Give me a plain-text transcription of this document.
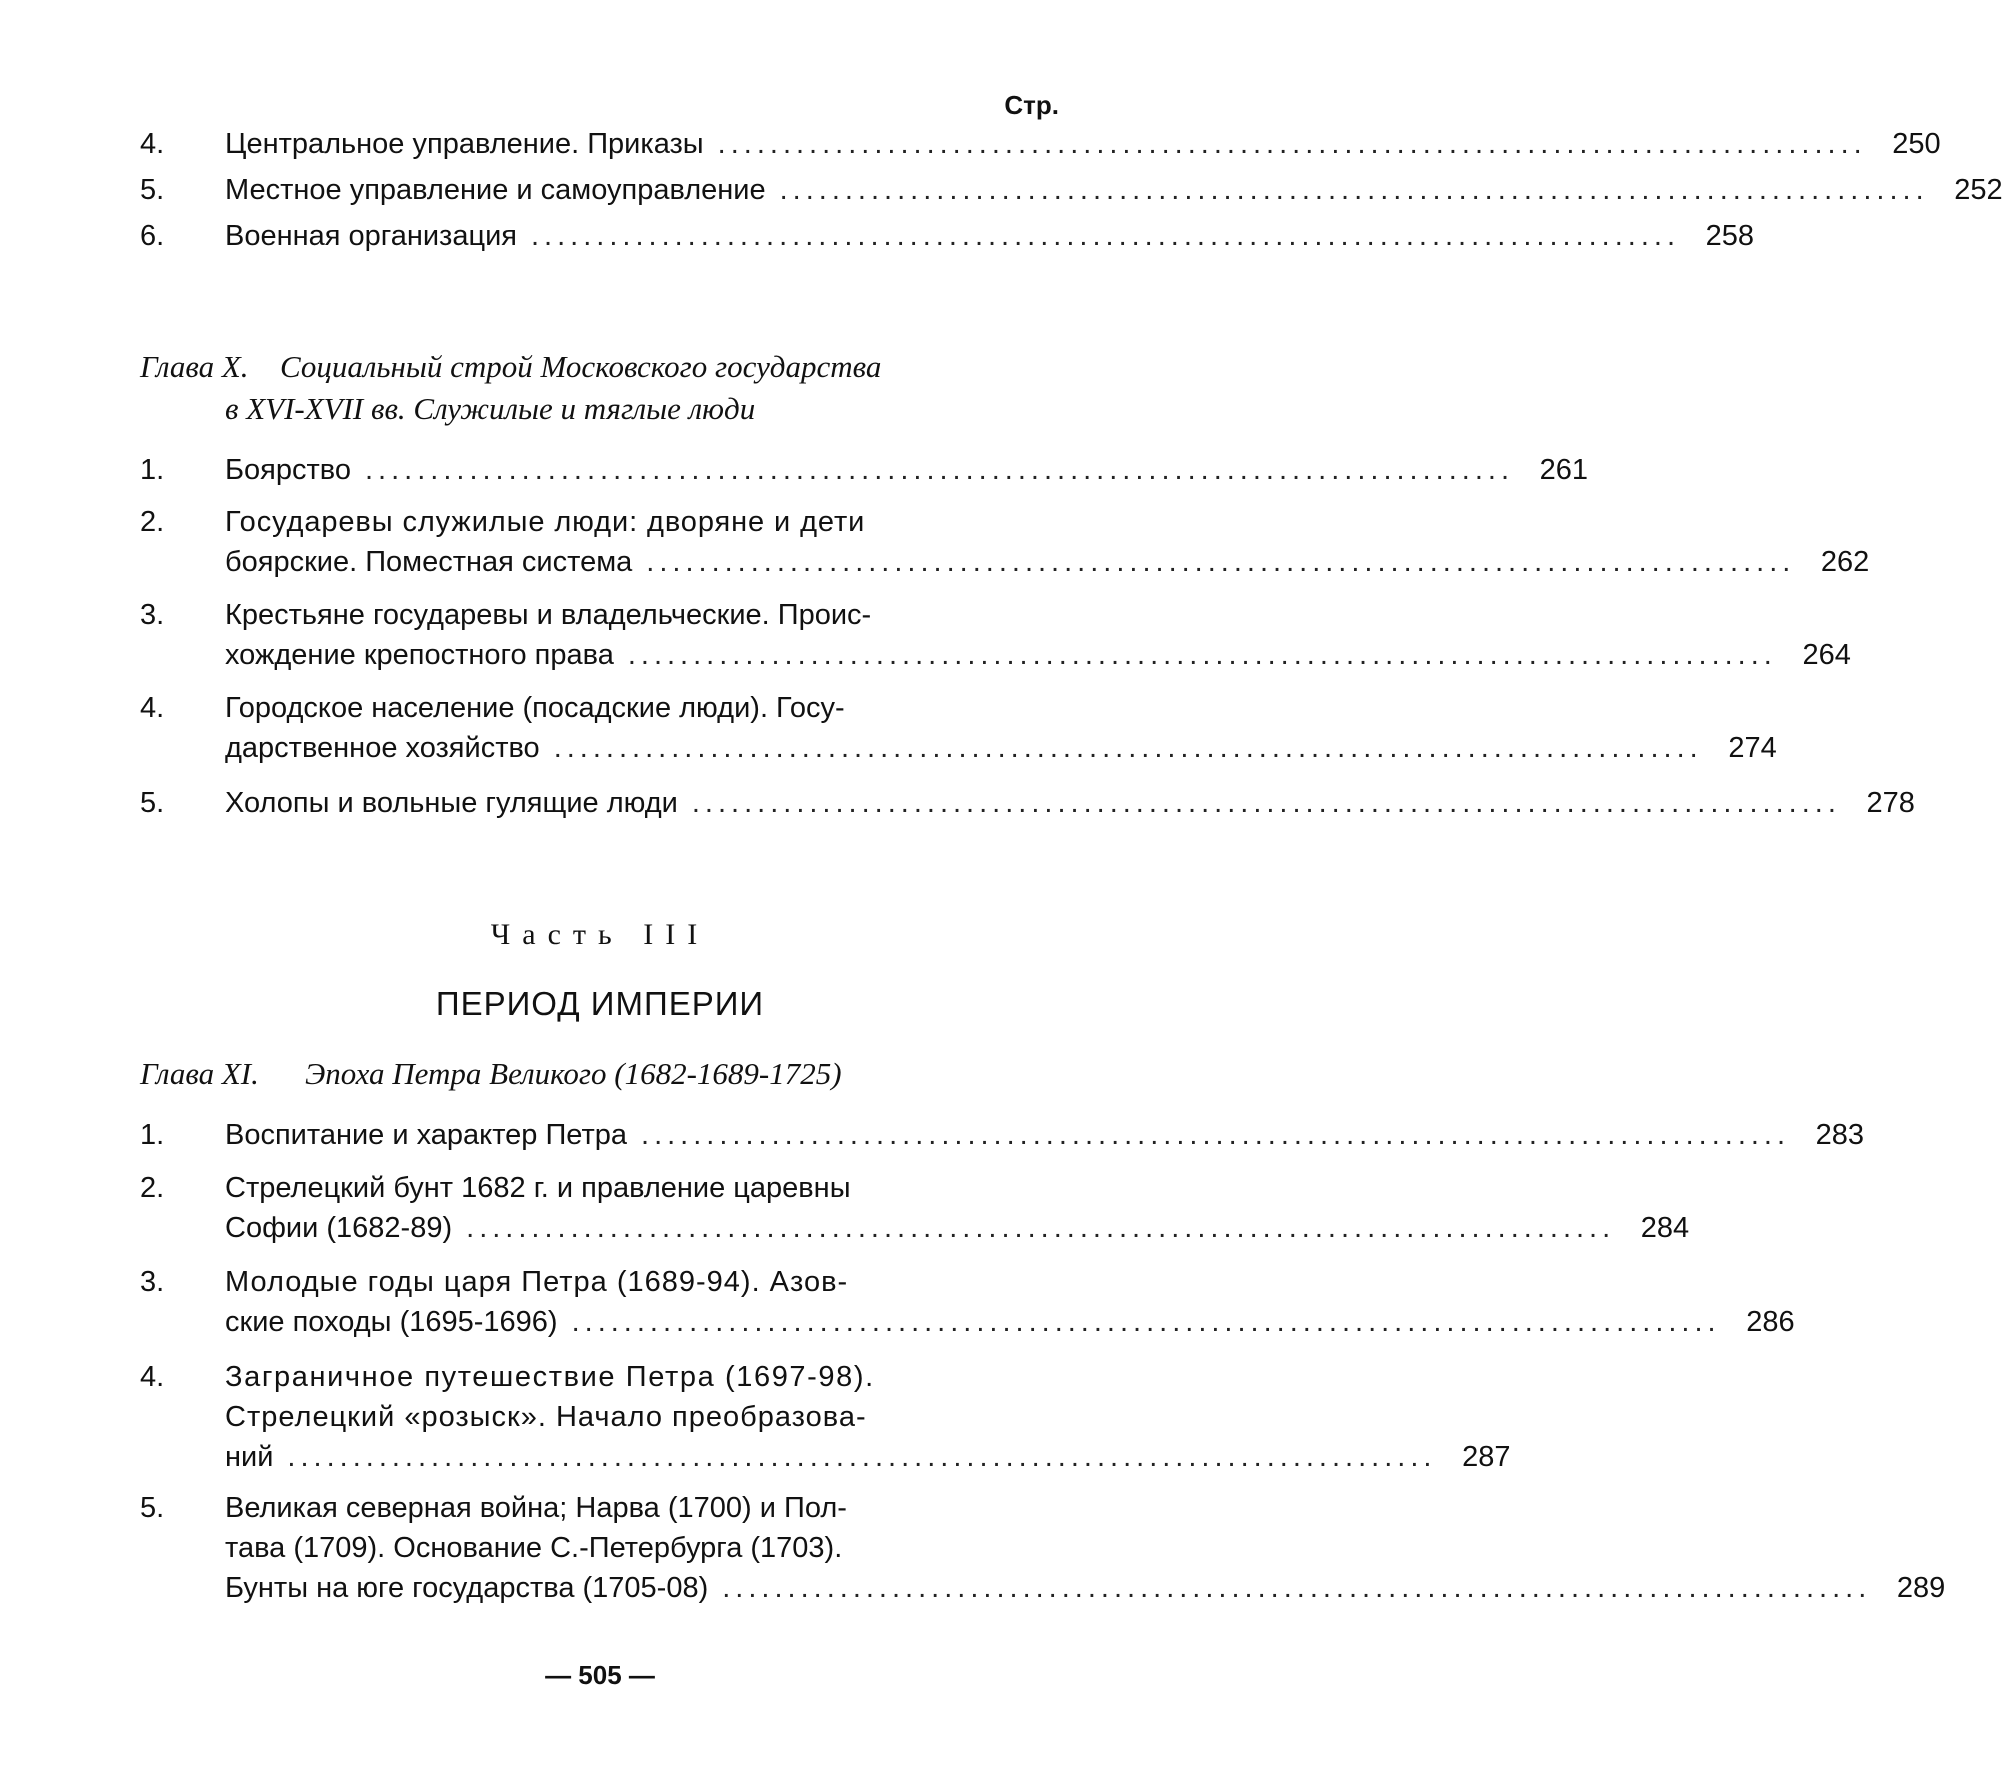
Стр.
4.	Центральное управление. Приказы ........................................................................................ 250
5.	Местное управление и самоуправление ........................................................................................ 252
6.	Военная организация ........................................................................................ 258
Глава X. Социальный строй Московского государства
в XVI-XVII вв. Служилые и тяглые люди
1.	Боярство ........................................................................................ 261
2.	Государевы служилые люди: дворяне и дети
боярские. Поместная система ........................................................................................ 262
3.	Крестьяне государевы и владельческие. Проис-
хождение крепостного права ........................................................................................ 264
4.	Городское население (посадские люди). Госу-
дарственное хозяйство ........................................................................................ 274
5.	Холопы и вольные гулящие люди ........................................................................................ 278
Часть III
ПЕРИОД ИМПЕРИИ
Глава XI. Эпоха Петра Великого (1682-1689-1725)
1.	Воспитание и характер Петра ........................................................................................ 283
2.	Стрелецкий бунт 1682 г. и правление царевны
Софии (1682-89) ........................................................................................ 284
3.	Молодые годы царя Петра (1689-94). Азов-
ские походы (1695-1696) ........................................................................................ 286
4.	Заграничное путешествие Петра (1697-98).
Стрелецкий «розыск». Начало преобразова-
ний ........................................................................................ 287
5.	Великая северная война; Нарва (1700) и Пол-
тава (1709). Основание С.-Петербурга (1703).
Бунты на юге государства (1705-08) ........................................................................................ 289
— 505 —
